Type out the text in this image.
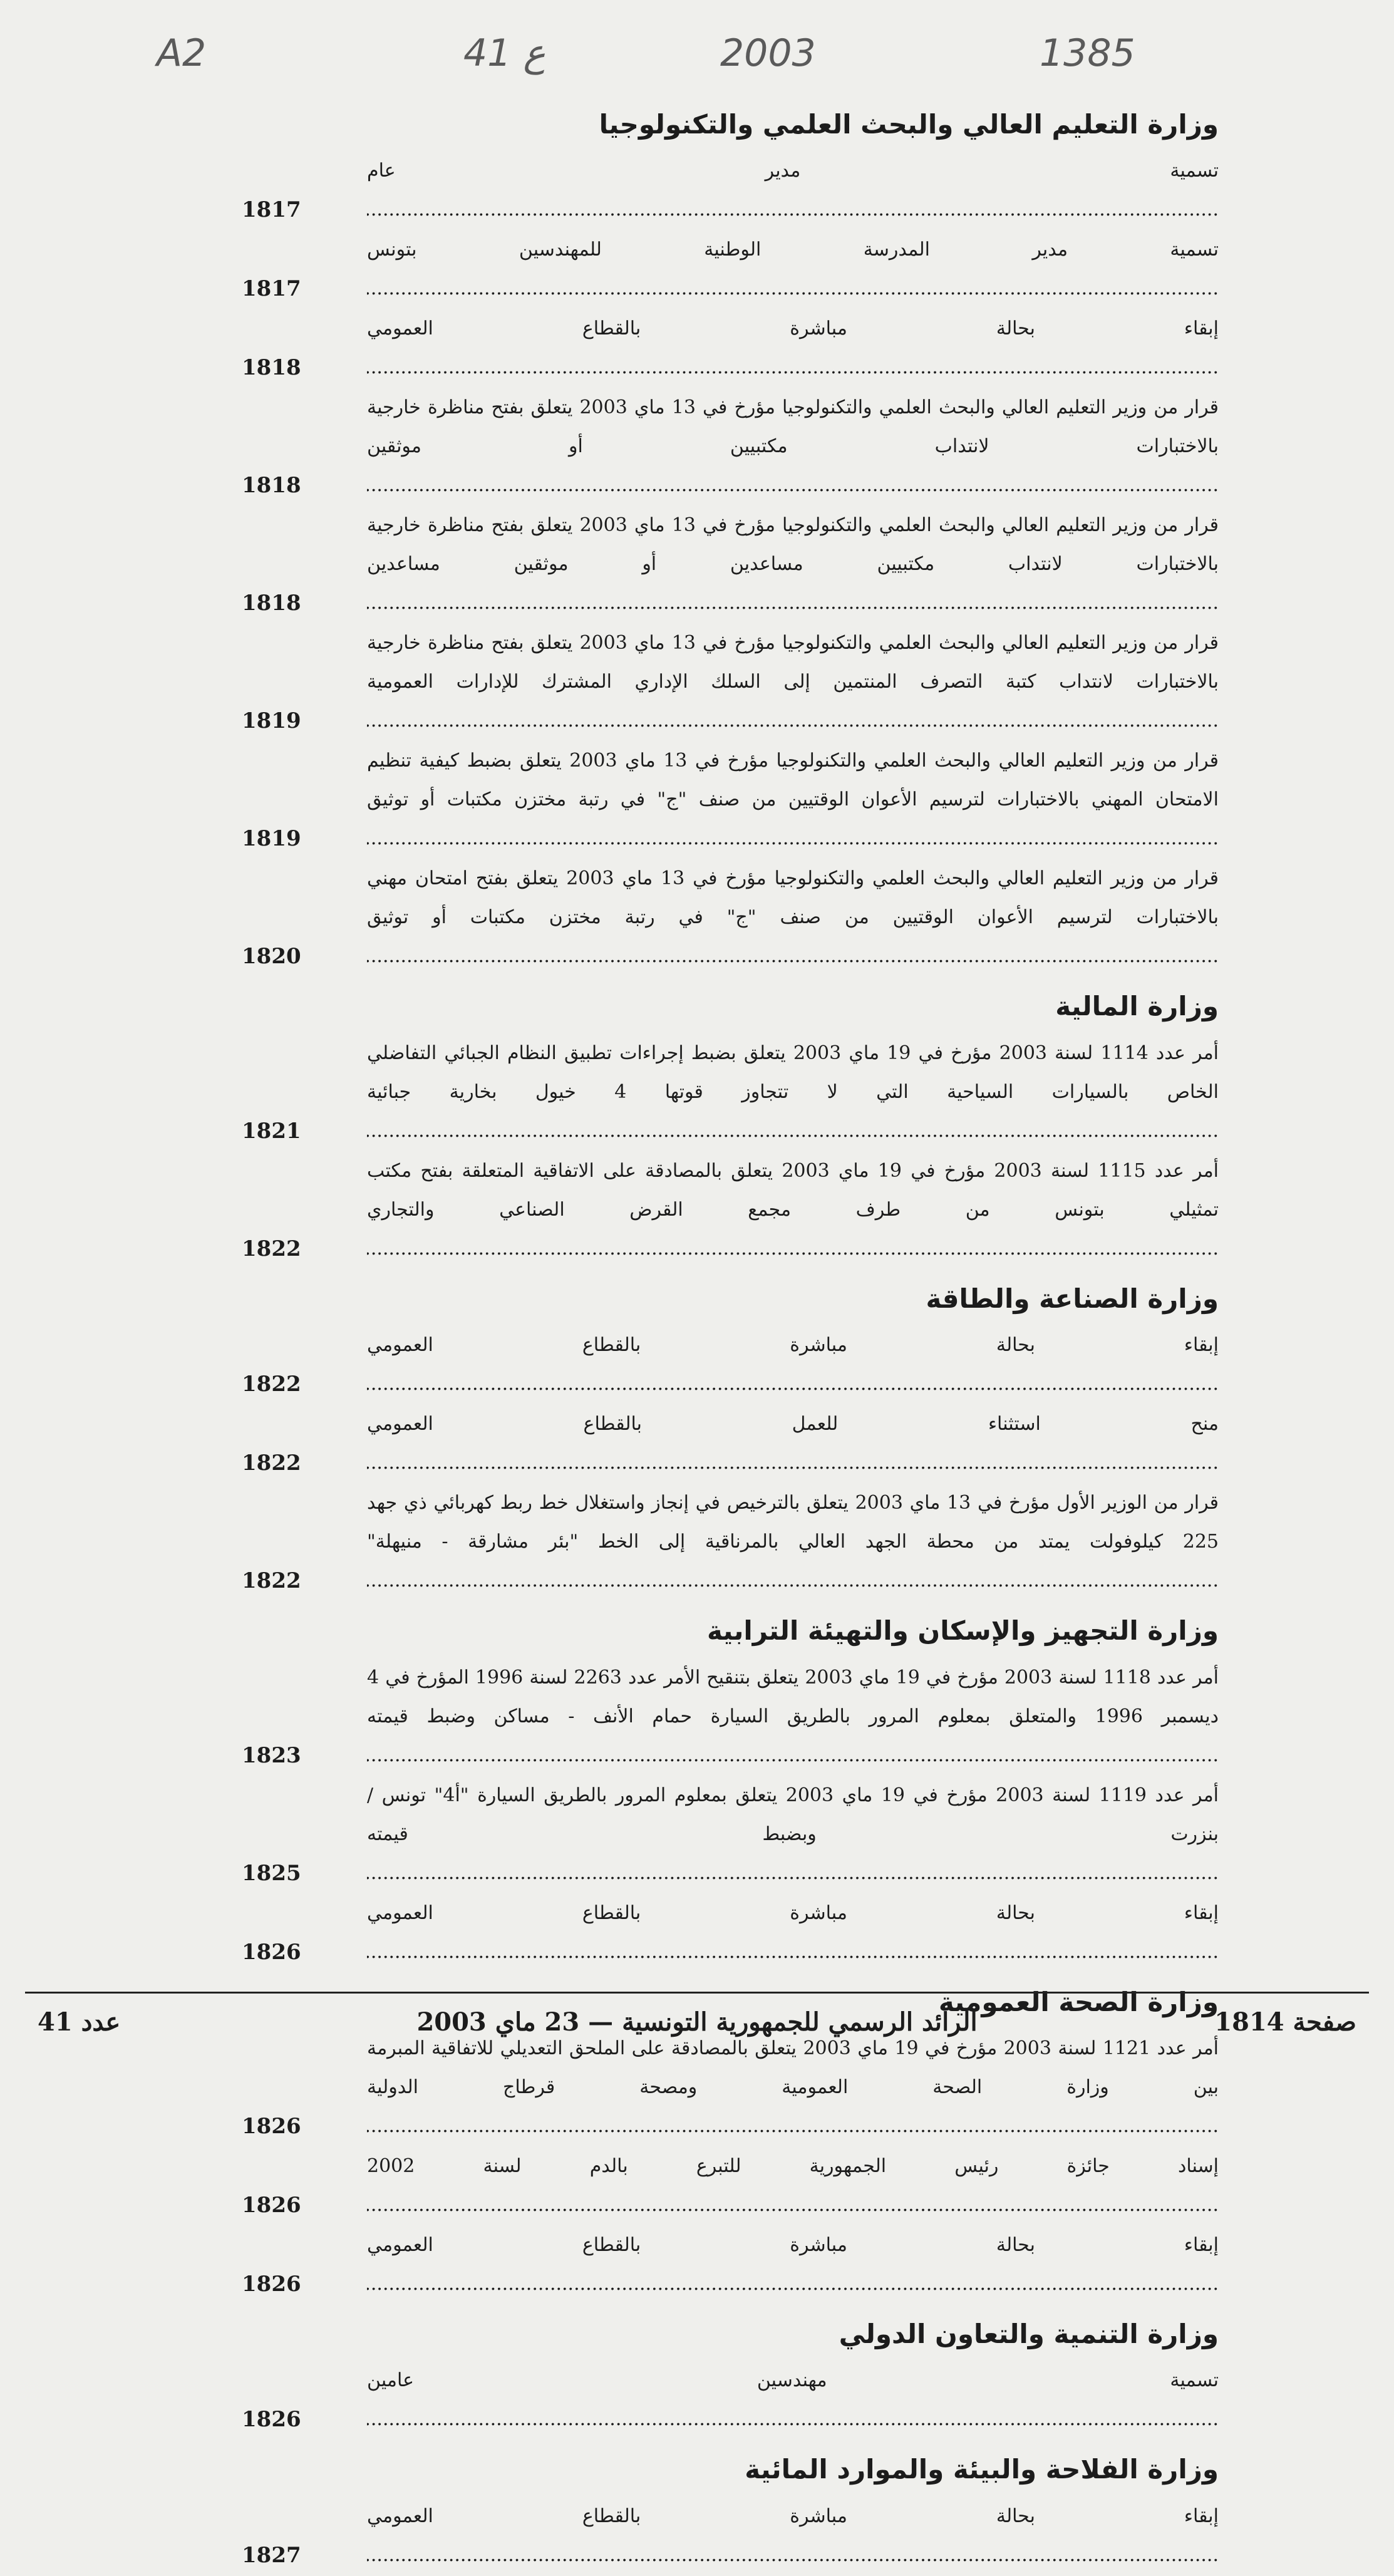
A2	41 ع	2003	1385
وزارة التعليم العالي والبحث العلمي والتكنولوجيا
تسمية مدير عام .....
1817
تسمية مدير المدرسة الوطنية للمهندسين بتونس .....
1817
إبقاء بحالة مباشرة بالقطاع العمومي .....
1818
قرار من وزير التعليم العالي والبحث العلمي والتكنولوجيا مؤرخ في 13 ماي 2003 يتعلق بفتح مناظرة خارجية بالاختبارات لانتداب مكتبيين أو موثقين .....
1818
قرار من وزير التعليم العالي والبحث العلمي والتكنولوجيا مؤرخ في 13 ماي 2003 يتعلق بفتح مناظرة خارجية بالاختبارات لانتداب مكتبيين مساعدين أو موثقين مساعدين .....
1818
قرار من وزير التعليم العالي والبحث العلمي والتكنولوجيا مؤرخ في 13 ماي 2003 يتعلق بفتح مناظرة خارجية بالاختبارات لانتداب كتبة التصرف المنتمين إلى السلك الإداري المشترك للإدارات العمومية .....
1819
قرار من وزير التعليم العالي والبحث العلمي والتكنولوجيا مؤرخ في 13 ماي 2003 يتعلق بضبط كيفية تنظيم الامتحان المهني بالاختبارات لترسيم الأعوان الوقتيين من صنف "ج" في رتبة مختزن مكتبات أو توثيق .....
1819
قرار من وزير التعليم العالي والبحث العلمي والتكنولوجيا مؤرخ في 13 ماي 2003 يتعلق بفتح امتحان مهني بالاختبارات لترسيم الأعوان الوقتيين من صنف "ج" في رتبة مختزن مكتبات أو توثيق .....
1820
وزارة المالية
أمر عدد 1114 لسنة 2003 مؤرخ في 19 ماي 2003 يتعلق بضبط إجراءات تطبيق النظام الجبائي التفاضلي الخاص بالسيارات السياحية التي لا تتجاوز قوتها 4 خيول بخارية جبائية .....
1821
أمر عدد 1115 لسنة 2003 مؤرخ في 19 ماي 2003 يتعلق بالمصادقة على الاتفاقية المتعلقة بفتح مكتب تمثيلي بتونس من طرف مجمع القرض الصناعي والتجاري .....
1822
وزارة الصناعة والطاقة
إبقاء بحالة مباشرة بالقطاع العمومي .....
1822
منح استثناء للعمل بالقطاع العمومي .....
1822
قرار من الوزير الأول مؤرخ في 13 ماي 2003 يتعلق بالترخيص في إنجاز واستغلال خط ربط كهربائي ذي جهد 225 كيلوفولت يمتد من محطة الجهد العالي بالمرناقية إلى الخط "بئر مشارقة - منيهلة" .....
1822
وزارة التجهيز والإسكان والتهيئة الترابية
أمر عدد 1118 لسنة 2003 مؤرخ في 19 ماي 2003 يتعلق بتنقيح الأمر عدد 2263 لسنة 1996 المؤرخ في 4 ديسمبر 1996 والمتعلق بمعلوم المرور بالطريق السيارة حمام الأنف - مساكن وضبط قيمته .....
1823
أمر عدد 1119 لسنة 2003 مؤرخ في 19 ماي 2003 يتعلق بمعلوم المرور بالطريق السيارة "أ4" تونس / بنزرت وبضبط قيمته .....
1825
إبقاء بحالة مباشرة بالقطاع العمومي .....
1826
وزارة الصحة العمومية
أمر عدد 1121 لسنة 2003 مؤرخ في 19 ماي 2003 يتعلق بالمصادقة على الملحق التعديلي للاتفاقية المبرمة بين وزارة الصحة العمومية ومصحة قرطاج الدولية .....
1826
إسناد جائزة رئيس الجمهورية للتبرع بالدم لسنة 2002 .....
1826
إبقاء بحالة مباشرة بالقطاع العمومي .....
1826
وزارة التنمية والتعاون الدولي
تسمية مهندسين عامين .....
1826
وزارة الفلاحة والبيئة والموارد المائية
إبقاء بحالة مباشرة بالقطاع العمومي .....
1827
صفحة 1814
الرائد الرسمي للجمهورية التونسية — 23 ماي 2003
عدد 41
